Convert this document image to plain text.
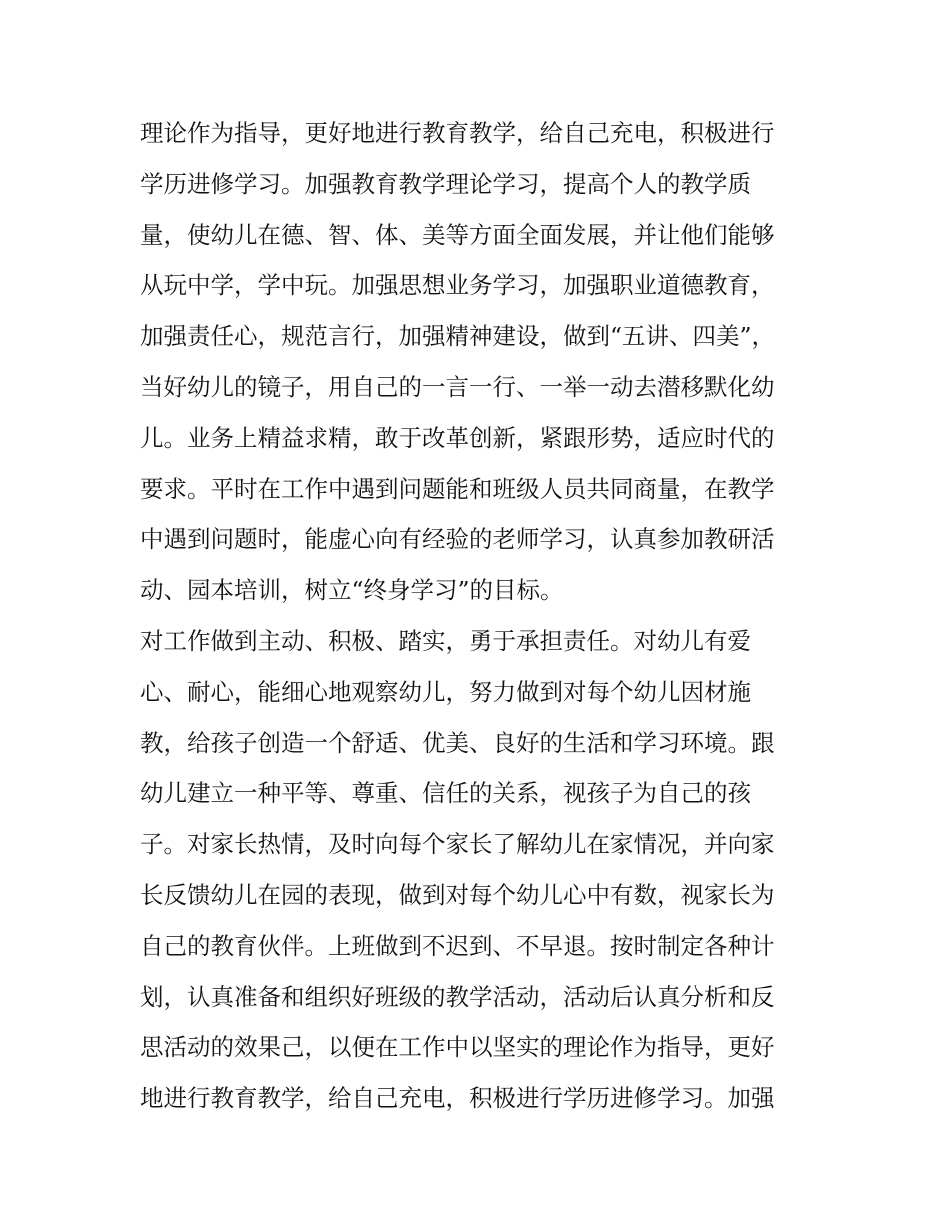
理论作为指导，更好地进行教育教学，给自己充电，积极进行
学历进修学习。加强教育教学理论学习，提高个人的教学质
量，使幼儿在德、智、体、美等方面全面发展，并让他们能够
从玩中学，学中玩。加强思想业务学习，加强职业道德教育，
加强责任心，规范言行，加强精神建设，做到“五讲、四美”，
当好幼儿的镜子，用自己的一言一行、一举一动去潜移默化幼
儿。业务上精益求精，敢于改革创新，紧跟形势，适应时代的
要求。平时在工作中遇到问题能和班级人员共同商量，在教学
中遇到问题时，能虚心向有经验的老师学习，认真参加教研活
动、园本培训，树立“终身学习”的目标。
对工作做到主动、积极、踏实，勇于承担责任。对幼儿有爱
心、耐心，能细心地观察幼儿，努力做到对每个幼儿因材施
教，给孩子创造一个舒适、优美、良好的生活和学习环境。跟
幼儿建立一种平等、尊重、信任的关系，视孩子为自己的孩
子。对家长热情，及时向每个家长了解幼儿在家情况，并向家
长反馈幼儿在园的表现，做到对每个幼儿心中有数，视家长为
自己的教育伙伴。上班做到不迟到、不早退。按时制定各种计
划，认真准备和组织好班级的教学活动，活动后认真分析和反
思活动的效果己，以便在工作中以坚实的理论作为指导，更好
地进行教育教学，给自己充电，积极进行学历进修学习。加强
